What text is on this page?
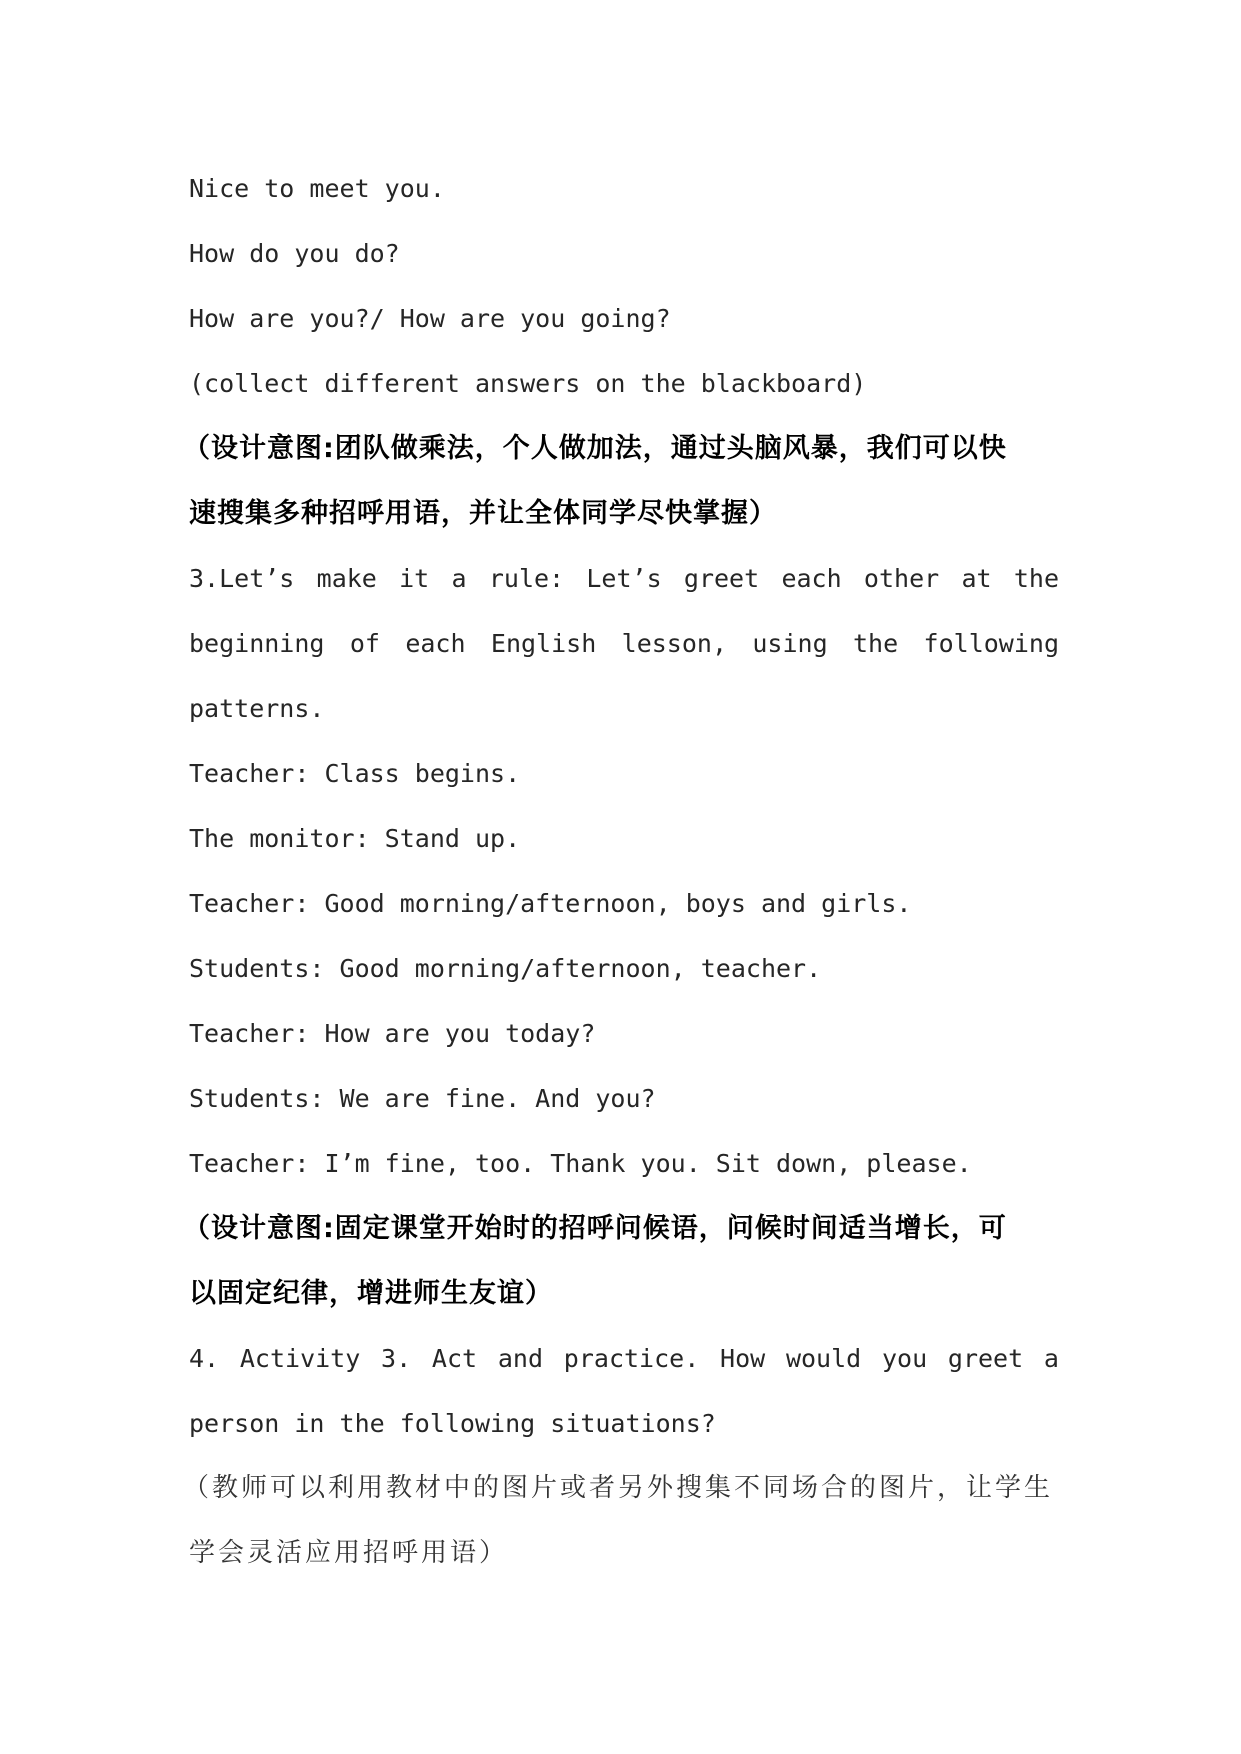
Nice to meet you.
How do you do?
How are you?/ How are you going?
(collect different answers on the blackboard)
（设计意图:团队做乘法，个人做加法，通过头脑风暴，我们可以快
速搜集多种招呼用语，并让全体同学尽快掌握）
3.Let’s make it a rule: Let’s greet each other at the
beginning of each English lesson, using the following
patterns.
Teacher: Class begins.
The monitor: Stand up.
Teacher: Good morning/afternoon, boys and girls.
Students: Good morning/afternoon, teacher.
Teacher: How are you today?
Students: We are fine. And you?
Teacher: I’m fine, too. Thank you. Sit down, please.
（设计意图:固定课堂开始时的招呼问候语，问候时间适当增长，可
以固定纪律，增进师生友谊）
4. Activity 3. Act and practice. How would you greet a
person in the following situations?
（教师可以利用教材中的图片或者另外搜集不同场合的图片，让学生
学会灵活应用招呼用语）
